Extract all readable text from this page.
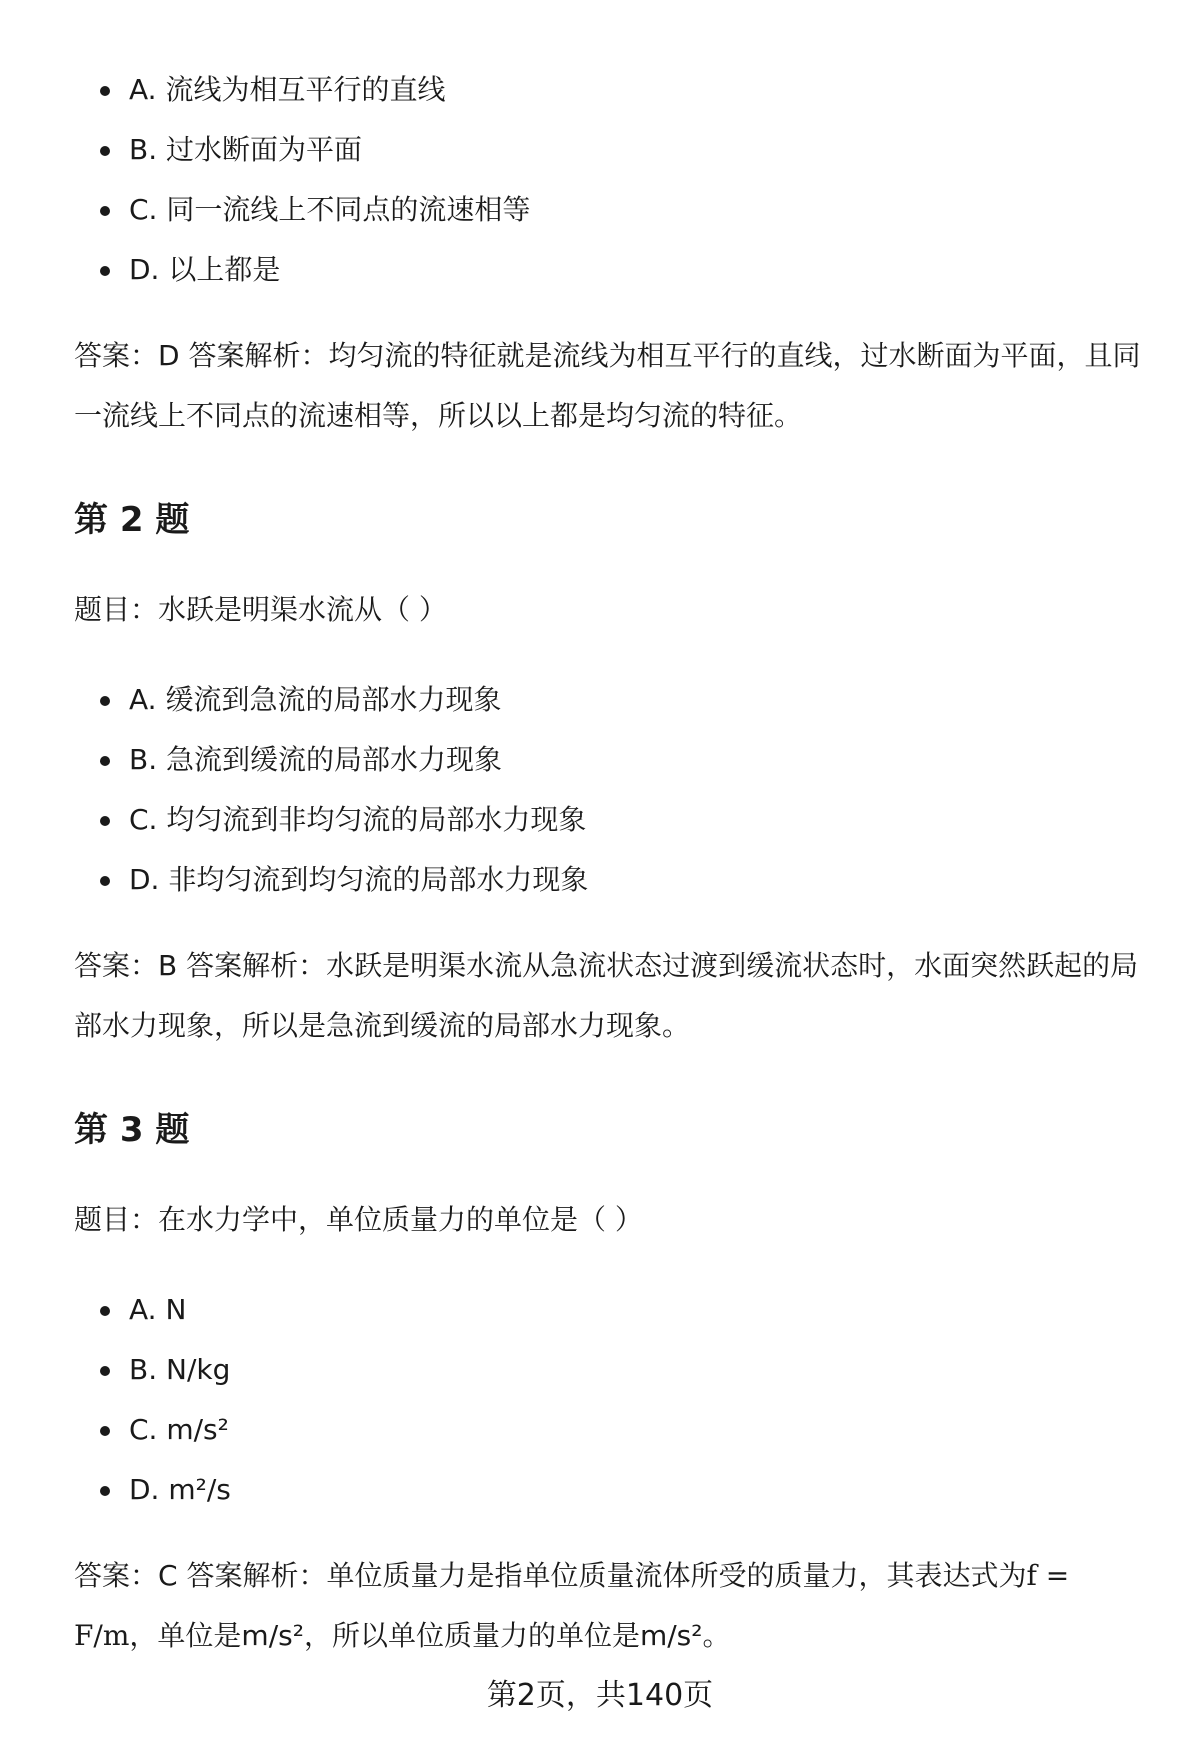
A. 流线为相互平行的直线
B. 过水断面为平面
C. 同一流线上不同点的流速相等
D. 以上都是

答案：D 答案解析：均匀流的特征就是流线为相互平行的直线，过水断面为平面，且同一流线上不同点的流速相等，所以以上都是均匀流的特征。

第 2 题

题目：水跃是明渠水流从（ ）

A. 缓流到急流的局部水力现象
B. 急流到缓流的局部水力现象
C. 均匀流到非均匀流的局部水力现象
D. 非均匀流到均匀流的局部水力现象

答案：B 答案解析：水跃是明渠水流从急流状态过渡到缓流状态时，水面突然跃起的局部水力现象，所以是急流到缓流的局部水力现象。

第 3 题

题目：在水力学中，单位质量力的单位是（ ）

A. N
B. N/kg
C. m/s²
D. m²/s

答案：C 答案解析：单位质量力是指单位质量流体所受的质量力，其表达式为f =
F/m，单位是m/s²，所以单位质量力的单位是m/s²。

第2页，共140页
